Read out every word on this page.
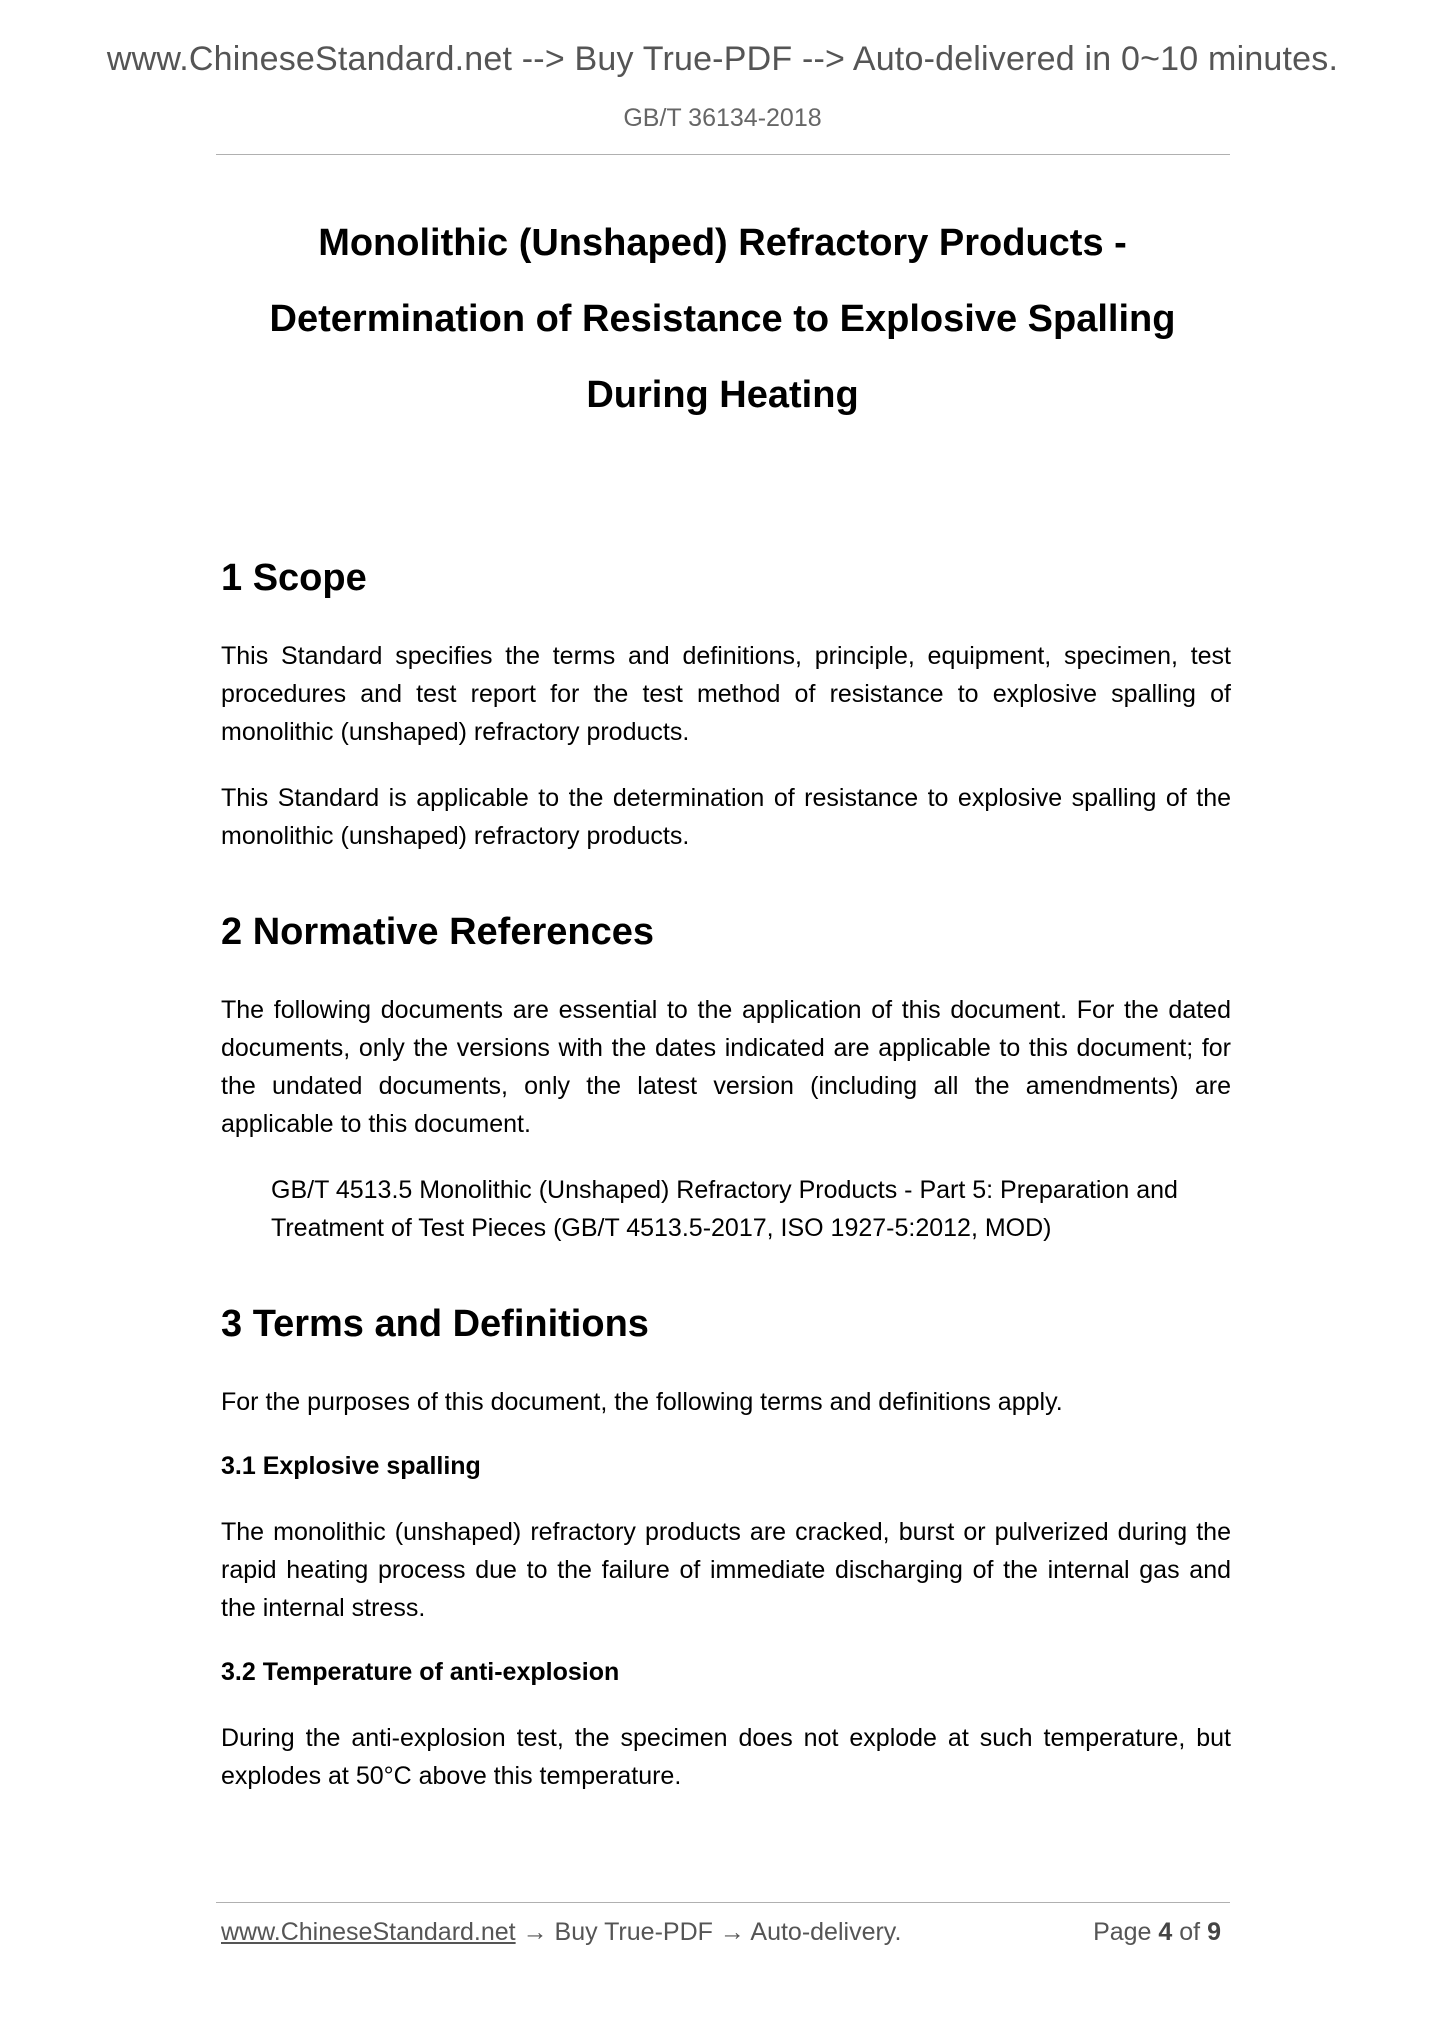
www.ChineseStandard.net --> Buy True-PDF --> Auto-delivered in 0~10 minutes.
GB/T 36134-2018
Monolithic (Unshaped) Refractory Products -
Determination of Resistance to Explosive Spalling
During Heating
1 Scope

This Standard specifies the terms and definitions, principle, equipment, specimen, test procedures and test report for the test method of resistance to explosive spalling of monolithic (unshaped) refractory products.

This Standard is applicable to the determination of resistance to explosive spalling of the monolithic (unshaped) refractory products.

2 Normative References

The following documents are essential to the application of this document. For the dated documents, only the versions with the dates indicated are applicable to this document; for the undated documents, only the latest version (including all the amendments) are applicable to this document.

GB/T 4513.5 Monolithic (Unshaped) Refractory Products - Part 5: Preparation and Treatment of Test Pieces (GB/T 4513.5-2017, ISO 1927-5:2012, MOD)

3 Terms and Definitions

For the purposes of this document, the following terms and definitions apply.

3.1 Explosive spalling

The monolithic (unshaped) refractory products are cracked, burst or pulverized during the rapid heating process due to the failure of immediate discharging of the internal gas and the internal stress.

3.2 Temperature of anti-explosion

During the anti-explosion test, the specimen does not explode at such temperature, but explodes at 50°C above this temperature.

www.ChineseStandard.net → Buy True-PDF → Auto-delivery.	Page 4 of 9
